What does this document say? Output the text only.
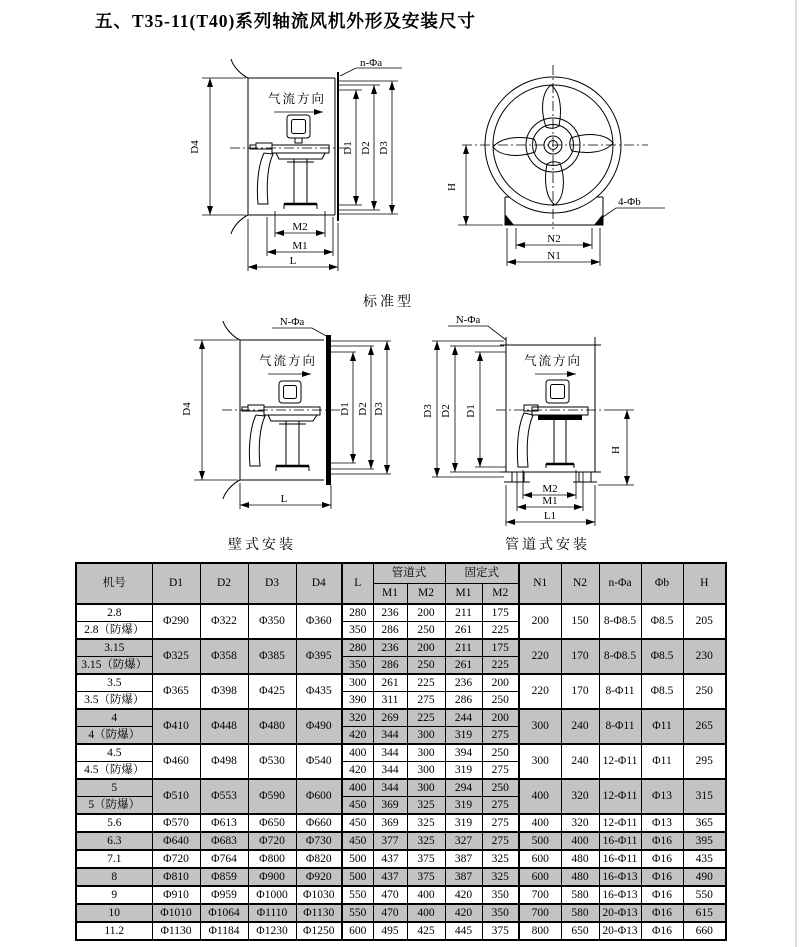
五、T35-11(T40)系列轴流风机外形及安装尺寸
n-Φa
气流方向
D4	D1 D2 D3
M2
M1
L
H
4-Φb
N2
N1
标准型
N-Φa
气流方向
D4	D1 D2 D3
L
壁式安装
N-Φa
气流方向
D3 D2 D1
H
M2
M1
L1
管道式安装
机号	D1	D2	D3	D4	L	管道式		固定式		N1	N2	n-Φa	Φb	H
						M1	M2	M1	M2					
2.8	Φ290	Φ322	Φ350	Φ360	280	236	200	211	175	200	150	8-Φ8.5	Φ8.5	205
2.8（防爆）					350	286	250	261	225					
3.15	Φ325	Φ358	Φ385	Φ395	280	236	200	211	175	220	170	8-Φ8.5	Φ8.5	230
3.15（防爆）					350	286	250	261	225					
3.5	Φ365	Φ398	Φ425	Φ435	300	261	225	236	200	220	170	8-Φ11	Φ8.5	250
3.5（防爆）					390	311	275	286	250					
4	Φ410	Φ448	Φ480	Φ490	320	269	225	244	200	300	240	8-Φ11	Φ11	265
4（防爆）					420	344	300	319	275					
4.5	Φ460	Φ498	Φ530	Φ540	400	344	300	394	250	300	240	12-Φ11	Φ11	295
4.5（防爆）					420	344	300	319	275					
5	Φ510	Φ553	Φ590	Φ600	400	344	300	294	250	400	320	12-Φ11	Φ13	315
5（防爆）					450	369	325	319	275					
5.6	Φ570	Φ613	Φ650	Φ660	450	369	325	319	275	400	320	12-Φ11	Φ13	365
6.3	Φ640	Φ683	Φ720	Φ730	450	377	325	327	275	500	400	16-Φ11	Φ16	395
7.1	Φ720	Φ764	Φ800	Φ820	500	437	375	387	325	600	480	16-Φ11	Φ16	435
8	Φ810	Φ859	Φ900	Φ920	500	437	375	387	325	600	480	16-Φ13	Φ16	490
9	Φ910	Φ959	Φ1000	Φ1030	550	470	400	420	350	700	580	16-Φ13	Φ16	550
10	Φ1010	Φ1064	Φ1110	Φ1130	550	470	400	420	350	700	580	20-Φ13	Φ16	615
11.2	Φ1130	Φ1184	Φ1230	Φ1250	600	495	425	445	375	800	650	20-Φ13	Φ16	660
